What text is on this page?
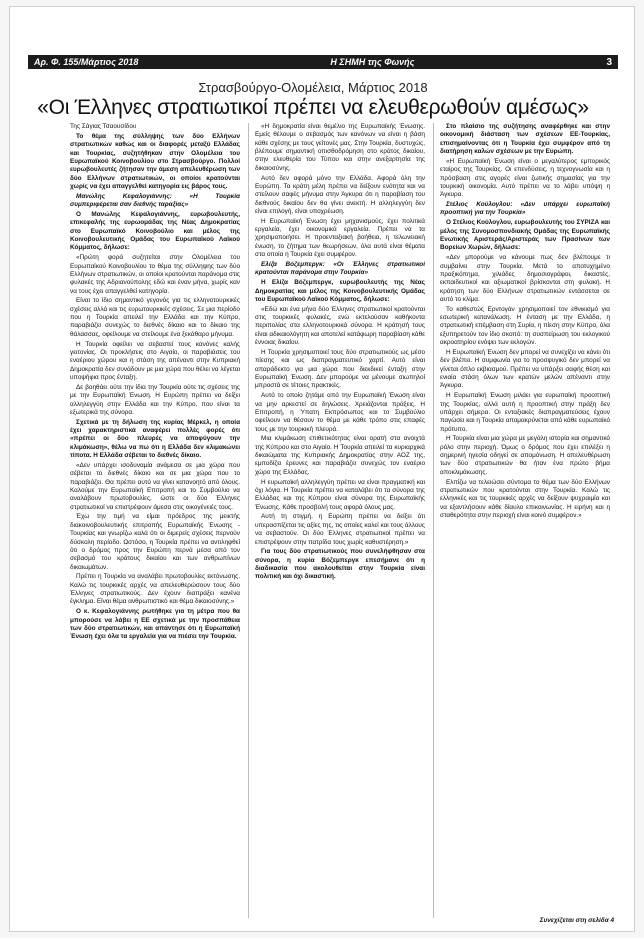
Αρ. Φ. 155/Μάρτιος 2018	Η ΣΗΜΗ της Φωνής	3
Στρασβούργο-Ολομέλεια, Μάρτιος 2018
«Οι Έλληνες στρατιωτικοί πρέπει να ελευθερωθούν αμέσως»

Της Σάγιας Τσαουσίδου

Το θέμα της σύλληψης των δύο Ελλήνων στρατιωτικών καθώς και οι διαφορές μεταξύ Ελλάδας και Τουρκίας, συζητήθηκαν στην Ολομέλεια του Ευρωπαϊκού Κοινοβουλίου στο Στρασβούργο. Πολλοί ευρωβουλευτές ζήτησαν την άμεση απελευθέρωση των δύο Ελλήνων στρατιωτικών, οι οποίοι κρατούνται χωρίς να έχει απαγγελθεί κατηγορία εις βάρος τους.

Μανώλης Κεφαλογιάννης: «Η Τουρκία συμπεριφέρεται σαν διεθνής ταραξίας»

Ο Μανώλης Κεφαλογιάννης, ευρωβουλευτής, επικεφαλής της ευρωομάδας της Νέας Δημοκρατίας στο Ευρωπαϊκό Κοινοβούλιο και μέλος της Κοινοβουλευτικής Ομάδας του Ευρωπαϊκού Λαϊκού Κόμματος, δήλωσε:

«Πρώτη φορά συζητείται στην Ολομέλεια του Ευρωπαϊκού Κοινοβουλίου το θέμα της σύλληψης των δύο Ελλήνων στρατιωτικών, οι οποίοι κρατούνται παράνομα στις φυλακές της Αδριανούπολης εδώ και έναν μήνα, χωρίς καν να τους έχει απαγγελθεί κατηγορία.

Είναι το ίδιο σημαντικό γεγονός για τις ελληνοτουρκικές σχέσεις αλλά και τις ευρωτουρκικές σχέσεις. Σε μια περίοδο που η Τουρκία απειλεί την Ελλάδα και την Κύπρο, παραβιάζει συνεχώς το διεθνές δίκαιο και το δίκαιο της θάλασσας, οφείλουμε να στείλουμε ένα ξεκάθαρο μήνυμα.

Η Τουρκία οφείλει να σεβαστεί τους κανόνες καλής γειτονίας. Οι προκλήσεις στο Αιγαίο, οι παραβιάσεις του εναέριου χώρου και η στάση της απέναντι στην Κυπριακή Δημοκρατία δεν συνάδουν με μια χώρα που θέλει να λέγεται υποψήφια προς ένταξη.

Δε βοηθάει ούτε την ίδια την Τουρκία ούτε τις σχέσεις της με την Ευρωπαϊκή Ένωση. Η Ευρώπη πρέπει να δείξει αλληλεγγύη στην Ελλάδα και την Κύπρο, που είναι τα εξωτερικά της σύνορα.

Σχετικά με τη δήλωση της κυρίας Μέρκελ, η οποία έχει χαρακτηριστικά αναφέρει πολλές φορές ότι «πρέπει οι δύο πλευρές να αποφύγουν την κλιμάκωση», θέλω να πω ότι η Ελλάδα δεν κλιμακώνει τίποτα. Η Ελλάδα σέβεται το διεθνές δίκαιο.

«Δεν υπάρχει ισοδυναμία ανάμεσα σε μια χώρα που σέβεται το διεθνές δίκαιο και σε μια χώρα που το παραβιάζει. Θα πρέπει αυτό να γίνει κατανοητό από όλους. Καλούμε την Ευρωπαϊκή Επιτροπή και το Συμβούλιο να αναλάβουν πρωτοβουλίες, ώστε οι δύο Έλληνες στρατιωτικοί να επιστρέψουν άμεσα στις οικογένειές τους.

Έχω την τιμή να είμαι πρόεδρος της μεικτής διακοινοβουλευτικής επιτροπής Ευρωπαϊκής Ένωσης - Τουρκίας και γνωρίζω καλά ότι οι διμερείς σχέσεις περνούν δύσκολη περίοδο. Ωστόσο, η Τουρκία πρέπει να αντιληφθεί ότι ο δρόμος προς την Ευρώπη περνά μέσα από τον σεβασμό του κράτους δικαίου και των ανθρωπίνων δικαιωμάτων.

Πρέπει η Τουρκία να αναλάβει πρωτοβουλίες εκτόνωσης. Καλώ τις τουρκικές αρχές να απελευθερώσουν τους δύο Έλληνες στρατιωτικούς. Δεν έχουν διαπράξει κανένα έγκλημα. Είναι θέμα ανθρωπιστικό και θέμα δικαιοσύνης.»

Ο κ. Κεφαλογιάννης ρωτήθηκε για τη μέτρα που θα μπορούσε να λάβει η ΕΕ σχετικά με την προσπάθεια των δύο στρατιωτικών, και απάντησε ότι η Ευρωπαϊκή Ένωση έχει όλα τα εργαλεία για να πιέσει την Τουρκία.

«Η δημοκρατία είναι θεμέλιο της Ευρωπαϊκής Ένωσης. Εμείς θέλουμε ο σεβασμός των κανόνων να είναι η βάση κάθε σχέσης με τους γείτονές μας. Στην Τουρκία, δυστυχώς, βλέπουμε σημαντική οπισθοδρόμηση στο κράτος δικαίου, στην ελευθερία του Τύπου και στην ανεξαρτησία της δικαιοσύνης.

Αυτό δεν αφορά μόνο την Ελλάδα. Αφορά όλη την Ευρώπη. Τα κράτη μέλη πρέπει να δείξουν ενότητα και να στείλουν σαφές μήνυμα στην Άγκυρα ότι η παραβίαση του διεθνούς δικαίου δεν θα γίνει ανεκτή. Η αλληλεγγύη δεν είναι επιλογή, είναι υποχρέωση.

Η Ευρωπαϊκή Ένωση έχει μηχανισμούς, έχει πολιτικά εργαλεία, έχει οικονομικά εργαλεία. Πρέπει να τα χρησιμοποιήσει. Η προενταξιακή βοήθεια, η τελωνειακή ένωση, το ζήτημα των θεωρήσεων, όλα αυτά είναι θέματα στα οποία η Τουρκία έχει συμφέρον.

Ελίζα Βόζεμπεργκ: «Οι Έλληνες στρατιωτικοί κρατούνται παράνομα στην Τουρκία»

Η Ελίζα Βόζεμπεργκ, ευρωβουλευτής της Νέας Δημοκρατίας και μέλος της Κοινοβουλευτικής Ομάδας του Ευρωπαϊκού Λαϊκού Κόμματος, δήλωσε:

«Εδώ και ένα μήνα δύο Έλληνες στρατιωτικοί κρατούνται στις τουρκικές φυλακές, ενώ εκτελούσαν καθήκοντα περιπολίας στα ελληνοτουρκικά σύνορα. Η κράτησή τους είναι αδικαιολόγητη και αποτελεί κατάφωρη παραβίαση κάθε έννοιας δικαίου.

Η Τουρκία χρησιμοποιεί τους δύο στρατιωτικούς ως μέσο πίεσης και ως διαπραγματευτικό χαρτί. Αυτό είναι απαράδεκτο για μια χώρα που διεκδικεί ένταξη στην Ευρωπαϊκή Ένωση. Δεν μπορούμε να μένουμε σιωπηλοί μπροστά σε τέτοιες πρακτικές.

Αυτό το οποίο ζητάμε από την Ευρωπαϊκή Ένωση είναι να μην αρκεστεί σε δηλώσεις. Χρειάζονται πράξεις. Η Επιτροπή, η Ύπατη Εκπρόσωπος και το Συμβούλιο οφείλουν να θέσουν το θέμα με κάθε τρόπο στις επαφές τους με την τουρκική πλευρά.

Μια κλιμάκωση επιθετικότητας είναι ορατή στα ανοιχτά της Κύπρου και στο Αιγαίο. Η Τουρκία απειλεί τα κυριαρχικά δικαιώματα της Κυπριακής Δημοκρατίας στην ΑΟΖ της, εμποδίζει έρευνες και παραβιάζει συνεχώς τον εναέριο χώρο της Ελλάδας.

Η ευρωπαϊκή αλληλεγγύη πρέπει να είναι πραγματική και όχι λόγια. Η Τουρκία πρέπει να καταλάβει ότι τα σύνορα της Ελλάδας και της Κύπρου είναι σύνορα της Ευρωπαϊκής Ένωσης. Κάθε προσβολή τους αφορά όλους μας.

Αυτή τη στιγμή, η Ευρώπη πρέπει να δείξει ότι υπερασπίζεται τις αξίες της, τις οποίες καλεί και τους άλλους να σεβαστούν. Οι δύο Έλληνες στρατιωτικοί πρέπει να επιστρέψουν στην πατρίδα τους χωρίς καθυστέρηση.»

Για τους δύο στρατιωτικούς που συνελήφθησαν στα σύνορα, η κυρία Βόζεμπεργκ επεσήμανε ότι η διαδικασία που ακολουθείται στην Τουρκία είναι πολιτική και όχι δικαστική.

Στο πλαίσιο της συζήτησης αναφέρθηκε και στην οικονομική διάσταση των σχέσεων ΕΕ-Τουρκίας, επισημαίνοντας ότι η Τουρκία έχει συμφέρον από τη διατήρηση καλών σχέσεων με την Ευρώπη.

«Η Ευρωπαϊκή Ένωση είναι ο μεγαλύτερος εμπορικός εταίρος της Τουρκίας. Οι επενδύσεις, η τεχνογνωσία και η πρόσβαση στις αγορές είναι ζωτικής σημασίας για την τουρκική οικονομία. Αυτό πρέπει να το λάβει υπόψη η Άγκυρα.

Στέλιος Κούλογλου: «Δεν υπάρχει ευρωπαϊκή προοπτική για την Τουρκία»

Ο Στέλιος Κούλογλου, ευρωβουλευτής του ΣΥΡΙΖΑ και μέλος της Συνομοσπονδιακής Ομάδας της Ευρωπαϊκής Ενωτικής Αριστεράς/Αριστεράς των Πρασίνων των Βορείων Χωρών, δήλωσε:

«Δεν μπορούμε να κάνουμε πως δεν βλέπουμε τι συμβαίνει στην Τουρκία. Μετά το αποτυχημένο πραξικόπημα, χιλιάδες δημοσιογράφοι, δικαστές, εκπαιδευτικοί και αξιωματικοί βρίσκονται στη φυλακή. Η κράτηση των δύο Ελλήνων στρατιωτικών εντάσσεται σε αυτό το κλίμα.

Το καθεστώς Ερντογάν χρησιμοποιεί τον εθνικισμό για εσωτερική κατανάλωση. Η ένταση με την Ελλάδα, η στρατιωτική επέμβαση στη Συρία, η πίεση στην Κύπρο, όλα εξυπηρετούν τον ίδιο σκοπό: τη συσπείρωση του εκλογικού ακροατηρίου ενόψει των εκλογών.

Η Ευρωπαϊκή Ένωση δεν μπορεί να συνεχίζει να κάνει ότι δεν βλέπει. Η συμφωνία για το προσφυγικό δεν μπορεί να γίνεται όπλο εκβιασμού. Πρέπει να υπάρξει σαφής θέση και ενιαία στάση όλων των κρατών μελών απέναντι στην Άγκυρα.

Η Ευρωπαϊκή Ένωση μιλάει για ευρωπαϊκή προοπτική της Τουρκίας, αλλά αυτή η προοπτική στην πράξη δεν υπάρχει σήμερα. Οι ενταξιακές διαπραγματεύσεις έχουν παγώσει και η Τουρκία απομακρύνεται από κάθε ευρωπαϊκό πρότυπο.

Η Τουρκία είναι μια χώρα με μεγάλη ιστορία και σημαντικό ρόλο στην περιοχή. Όμως ο δρόμος που έχει επιλέξει η σημερινή ηγεσία οδηγεί σε απομόνωση. Η απελευθέρωση των δύο στρατιωτικών θα ήταν ένα πρώτο βήμα αποκλιμάκωσης.

Ελπίζω να τελειώσει σύντομα το θέμα των δύο Ελλήνων στρατιωτικών που κρατούνται στην Τουρκία. Καλώ τις ελληνικές και τις τουρκικές αρχές να δείξουν ψυχραιμία και να εξαντλήσουν κάθε δίαυλο επικοινωνίας. Η ειρήνη και η σταθερότητα στην περιοχή είναι κοινό συμφέρον.»

Συνεχίζεται στη σελίδα 4
